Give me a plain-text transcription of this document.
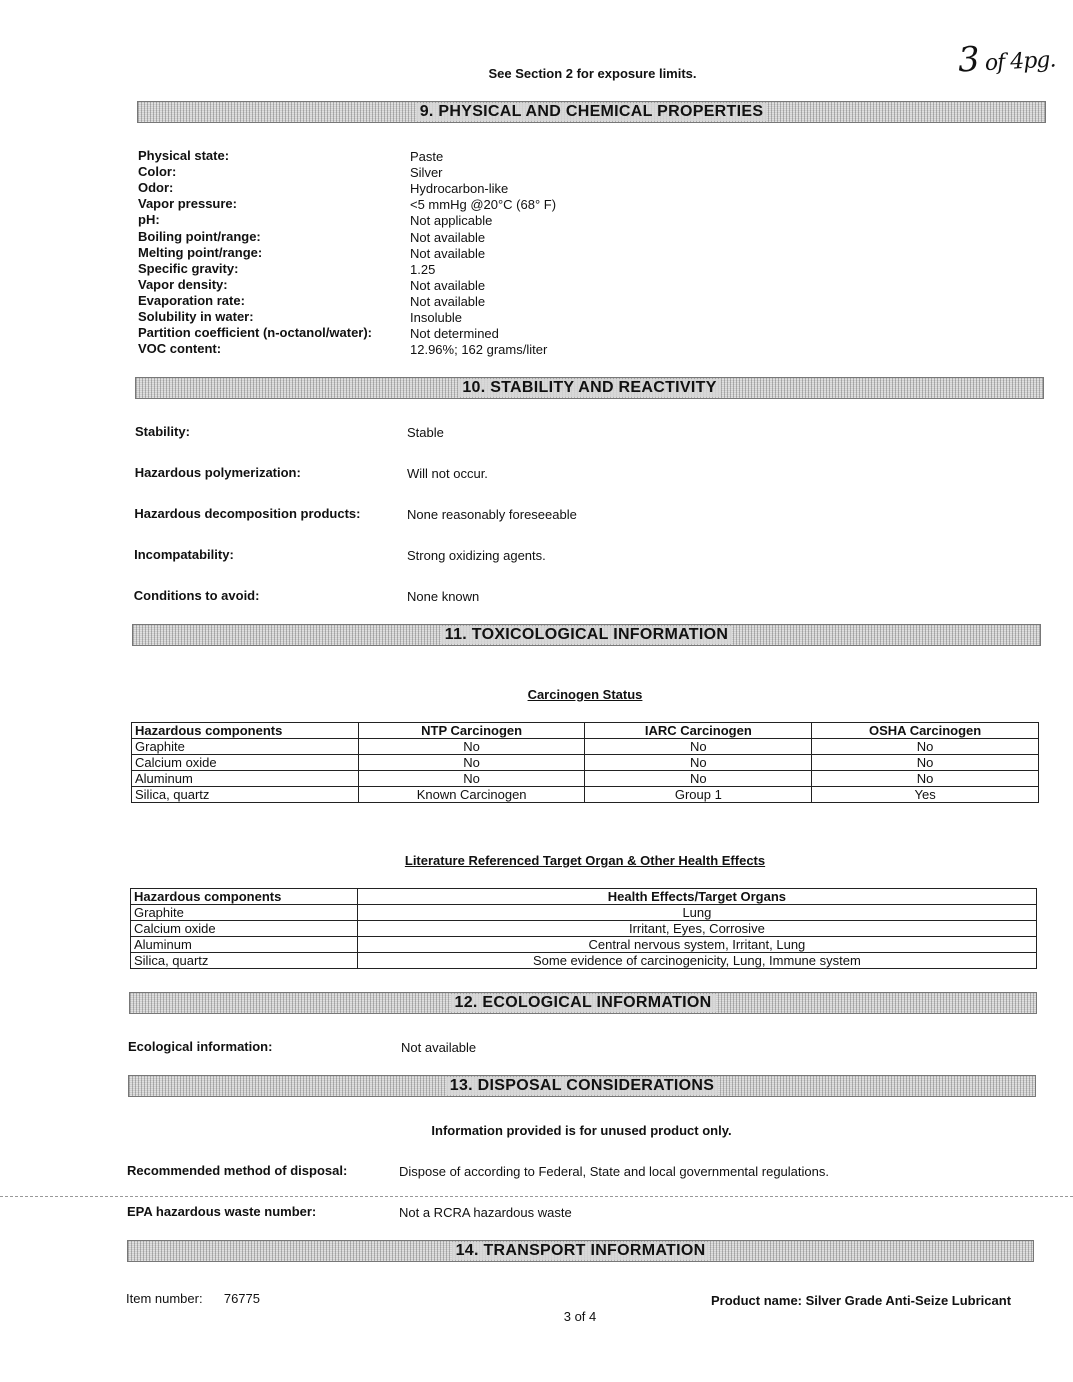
See Section 2 for exposure limits.	3 of 4pg.
9. PHYSICAL AND CHEMICAL PROPERTIES
Physical state:	Paste
Color:	Silver
Odor:	Hydrocarbon-like
Vapor pressure:	<5 mmHg @20°C (68° F)
pH:	Not applicable
Boiling point/range:	Not available
Melting point/range:	Not available
Specific gravity:	1.25
Vapor density:	Not available
Evaporation rate:	Not available
Solubility in water:	Insoluble
Partition coefficient (n-octanol/water):	Not determined
VOC content:	12.96%; 162 grams/liter
10. STABILITY AND REACTIVITY
Stability:	Stable
Hazardous polymerization:	Will not occur.
Hazardous decomposition products:	None reasonably foreseeable
Incompatability:	Strong oxidizing agents.
Conditions to avoid:	None known
11. TOXICOLOGICAL INFORMATION
Carcinogen Status
Hazardous components	NTP Carcinogen	IARC Carcinogen	OSHA Carcinogen
Graphite	No	No	No
Calcium oxide	No	No	No
Aluminum	No	No	No
Silica, quartz	Known Carcinogen	Group 1	Yes
Literature Referenced Target Organ & Other Health Effects
Hazardous components	Health Effects/Target Organs
Graphite	Lung
Calcium oxide	Irritant, Eyes, Corrosive
Aluminum	Central nervous system, Irritant, Lung
Silica, quartz	Some evidence of carcinogenicity, Lung, Immune system
12. ECOLOGICAL INFORMATION
Ecological information:	Not available
13. DISPOSAL CONSIDERATIONS
Information provided is for unused product only.
Recommended method of disposal:	Dispose of according to Federal, State and local governmental regulations.
EPA hazardous waste number:	Not a RCRA hazardous waste
14. TRANSPORT INFORMATION
Item number: 76775
3 of 4
Product name: Silver Grade Anti-Seize Lubricant
